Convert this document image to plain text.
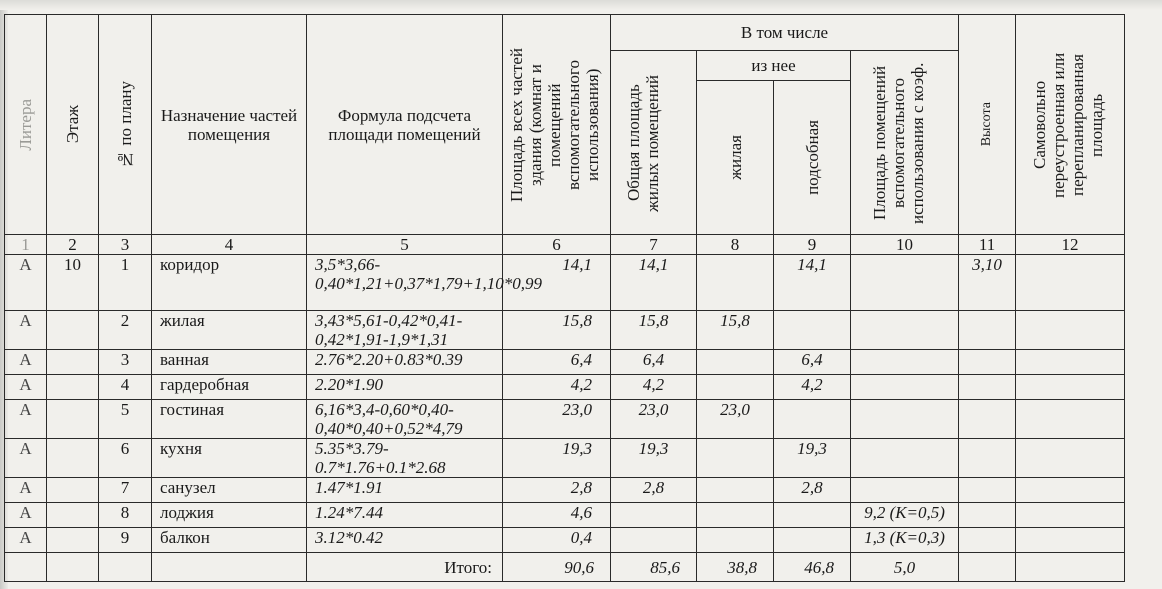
Литера	Этаж	№ по плану	Назначение частей помещения	Формула подсчета площади помещений	Площадь всех частей здания (комнат и помещений вспомогательного использования)	В том числе				Высота	Самовольно переустроенная или перепланированная площадь

						Общая площадь жилых помещений	из нее		Площадь помещений вспомогательного использования с коэф.		

							жилая	подсобная			

1	2	3	4	5	6	7	8	9	10	11	12
А	10	1	коридор	3,5*3,66-0,40*1,21+0,37*1,79+1,10*0,99	14,1	14,1		14,1		3,10	
А		2	жилая	3,43*5,61-0,42*0,41-0,42*1,91-1,9*1,31	15,8	15,8	15,8				
А		3	ванная	2.76*2.20+0.83*0.39	6,4	6,4		6,4			
А		4	гардеробная	2.20*1.90	4,2	4,2		4,2			
А		5	гостиная	6,16*3,4-0,60*0,40-0,40*0,40+0,52*4,79	23,0	23,0	23,0				
А		6	кухня	5.35*3.79-0.7*1.76+0.1*2.68	19,3	19,3		19,3			
А		7	санузел	1.47*1.91	2,8	2,8		2,8			
А		8	лоджия	1.24*7.44	4,6				9,2 (К=0,5)		
А		9	балкон	3.12*0.42	0,4				1,3 (К=0,3)		
				Итого:	90,6	85,6	38,8	46,8	5,0		
